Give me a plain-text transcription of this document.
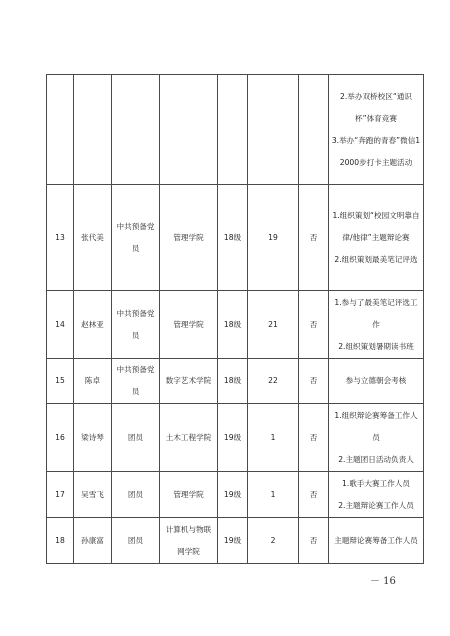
							2.举办双桥校区“通识杯”体育竞赛
3.举办“奔跑的青春”微信12000步打卡主题活动

13	张代美	中共预备党员	管理学院	18级	19	否	1.组织策划“校园文明靠自律/他律”主题辩论赛
2.组织策划最美笔记评选

14	赵林亚	中共预备党员	管理学院	18级	21	否	1.参与了最美笔记评选工作
2.组织策划暑期读书班

15	陈卓	中共预备党员	数字艺术学院	18级	22	否	参与立德朝会考核

16	梁诗琴	团员	土木工程学院	19级	1	否	1.组织辩论赛筹备工作人员
2.主题团日活动负责人

17	吴雪飞	团员	管理学院	19级	1	否	1.歌手大赛工作人员
2.主题辩论赛工作人员

18	孙康富	团员	计算机与物联网学院	19级	2	否	主题辩论赛筹备工作人员
－ 16
